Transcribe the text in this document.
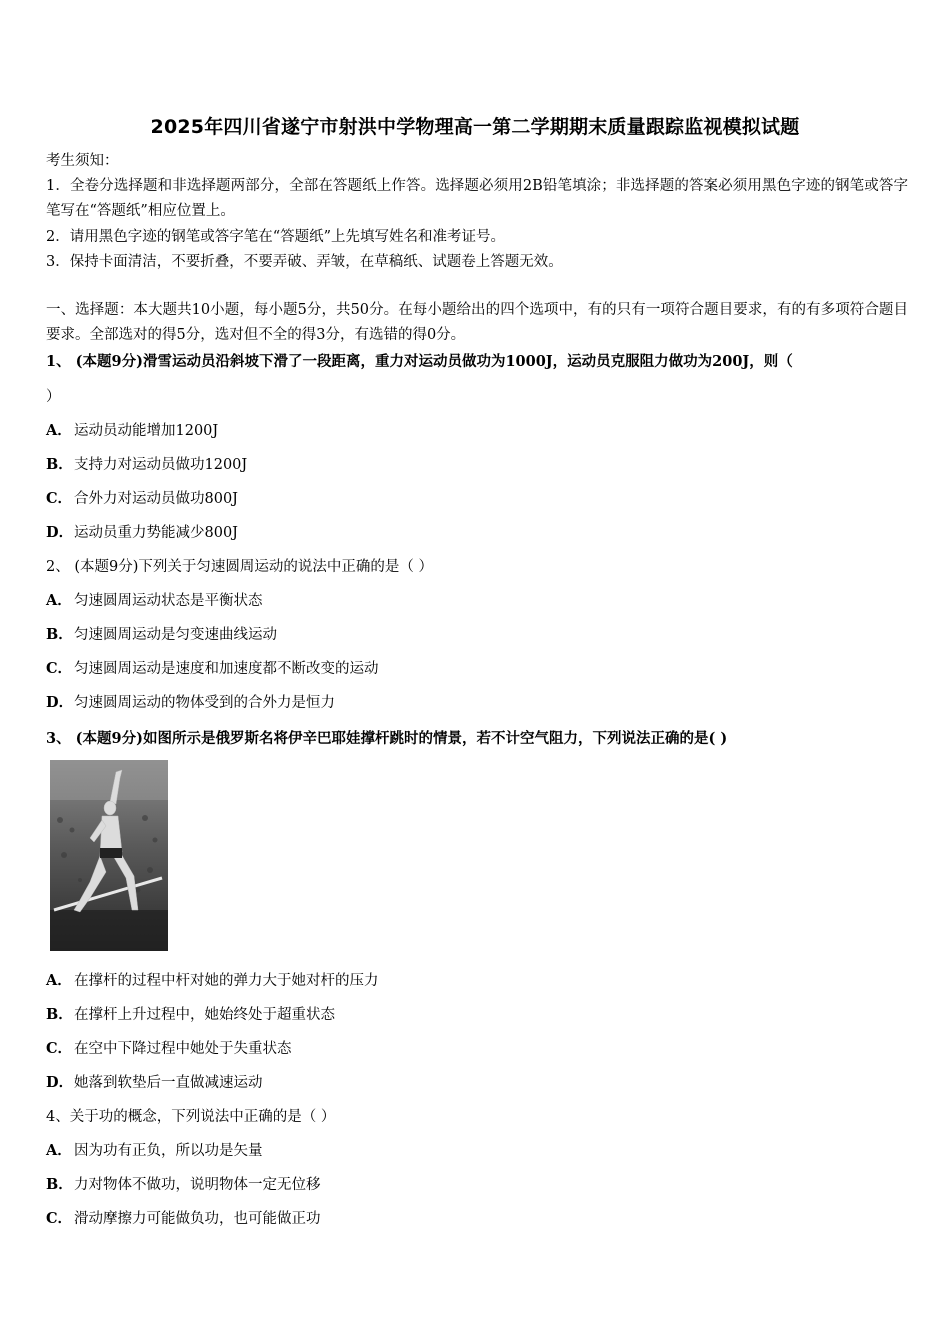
2025年四川省遂宁市射洪中学物理高一第二学期期末质量跟踪监视模拟试题
考生须知：
1．全卷分选择题和非选择题两部分，全部在答题纸上作答。选择题必须用2B铅笔填涂；非选择题的答案必须用黑色字迹的钢笔或答字笔写在“答题纸”相应位置上。
2．请用黑色字迹的钢笔或答字笔在“答题纸”上先填写姓名和准考证号。
3．保持卡面清洁，不要折叠，不要弄破、弄皱，在草稿纸、试题卷上答题无效。
一、选择题：本大题共10小题，每小题5分，共50分。在每小题给出的四个选项中，有的只有一项符合题目要求，有的有多项符合题目要求。全部选对的得5分，选对但不全的得3分，有选错的得0分。
1、 (本题9分)滑雪运动员沿斜坡下滑了一段距离，重力对运动员做功为1000J，运动员克服阻力做功为200J，则（
）
A． 运动员动能增加1200J
B．支持力对运动员做功1200J
C． 合外力对运动员做功800J
D．运动员重力势能减少800J
2、 (本题9分)下列关于匀速圆周运动的说法中正确的是（ ）
A． 匀速圆周运动状态是平衡状态
B．匀速圆周运动是匀变速曲线运动
C． 匀速圆周运动是速度和加速度都不断改变的运动
D．匀速圆周运动的物体受到的合外力是恒力
3、 (本题9分)如图所示是俄罗斯名将伊辛巴耶娃撑杆跳时的情景，若不计空气阻力，下列说法正确的是( )
A． 在撑杆的过程中杆对她的弹力大于她对杆的压力
B．在撑杆上升过程中，她始终处于超重状态
C． 在空中下降过程中她处于失重状态
D．她落到软垫后一直做减速运动
4、关于功的概念，下列说法中正确的是（ ）
A． 因为功有正负，所以功是矢量
B．力对物体不做功，说明物体一定无位移
C． 滑动摩擦力可能做负功，也可能做正功
